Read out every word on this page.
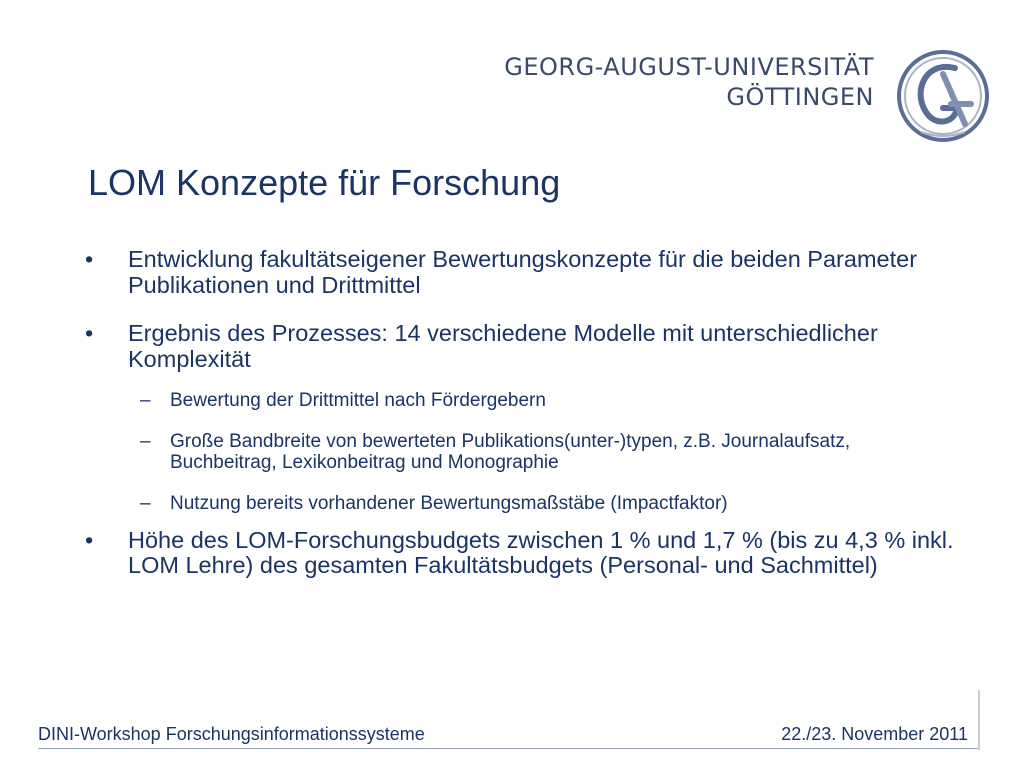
GEORG-AUGUST-UNIVERSITÄT
GÖTTINGEN
LOM Konzepte für Forschung
• Entwicklung fakultätseigener Bewertungskonzepte für die beiden Parameter Publikationen und Drittmittel
• Ergebnis des Prozesses: 14 verschiedene Modelle mit unterschiedlicher Komplexität
– Bewertung der Drittmittel nach Fördergebern
– Große Bandbreite von bewerteten Publikations(unter-)typen, z.B. Journalaufsatz, Buchbeitrag, Lexikonbeitrag und Monographie
– Nutzung bereits vorhandener Bewertungsmaßstäbe (Impactfaktor)
• Höhe des LOM-Forschungsbudgets zwischen 1 % und 1,7 % (bis zu 4,3 % inkl. LOM Lehre) des gesamten Fakultätsbudgets (Personal- und Sachmittel)
DINI-Workshop Forschungsinformationssysteme	22./23. November 2011
